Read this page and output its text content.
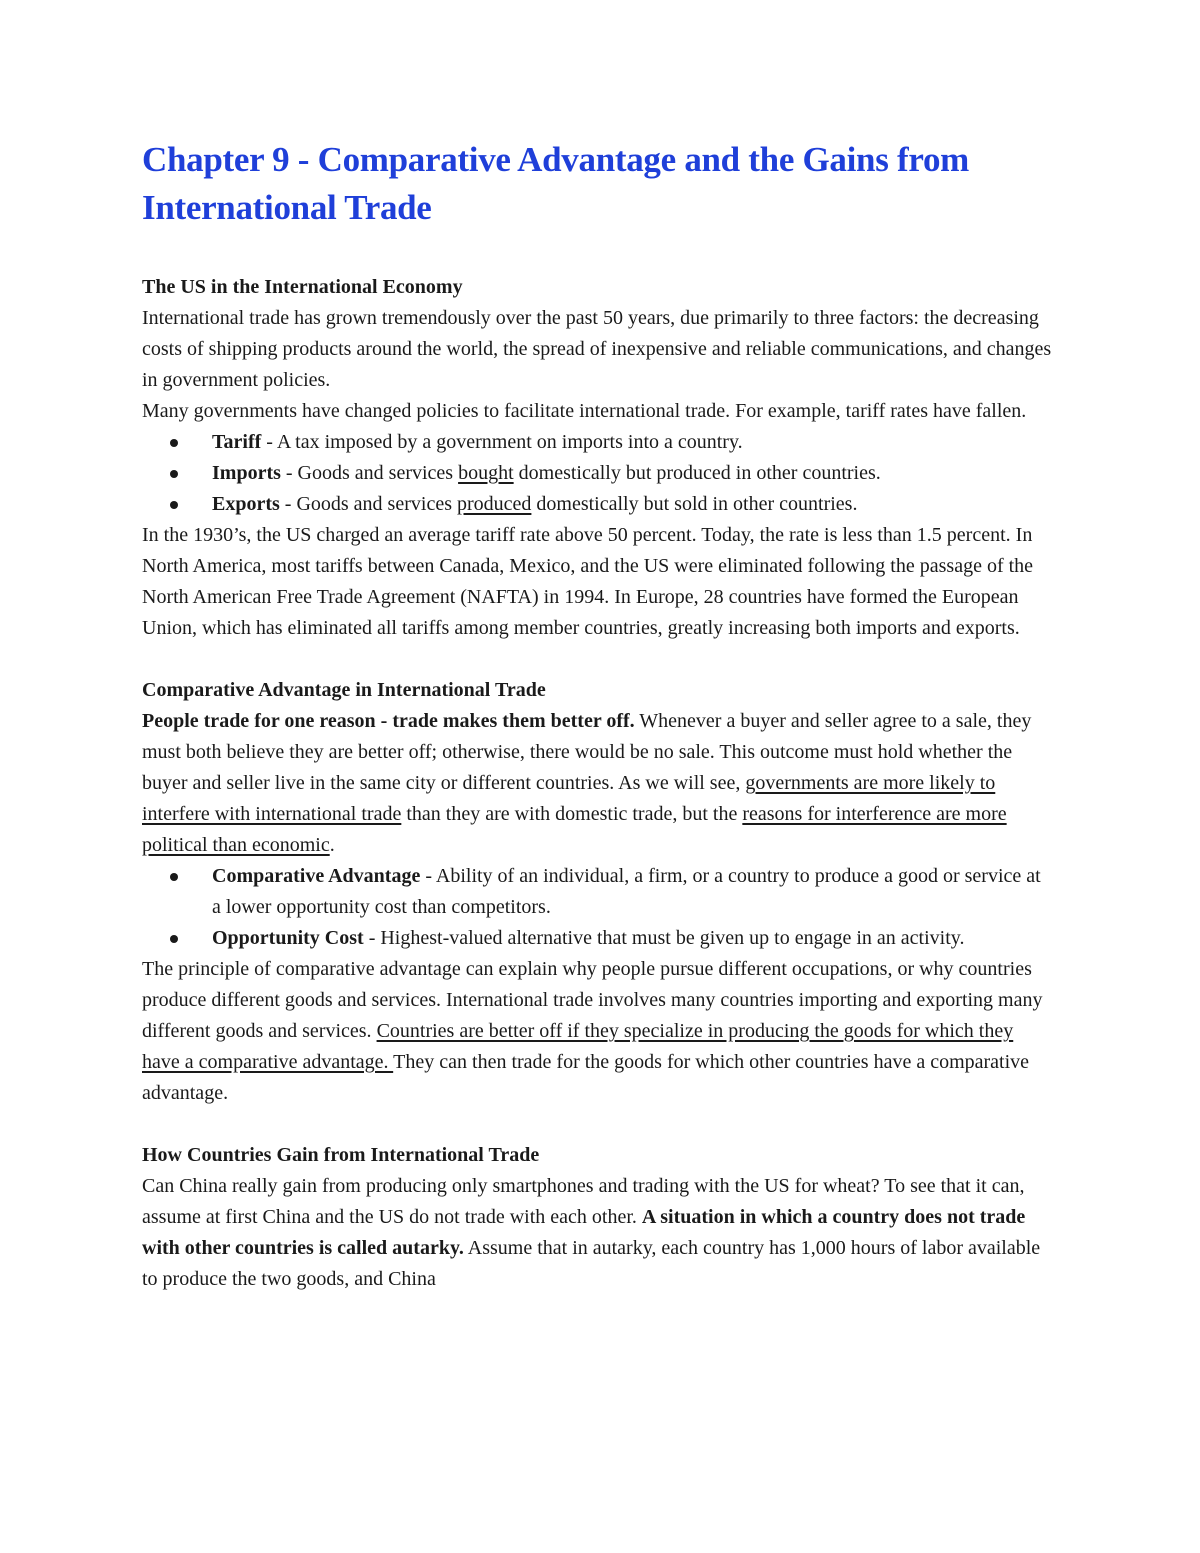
Chapter 9 - Comparative Advantage and the Gains from International Trade
The US in the International Economy

International trade has grown tremendously over the past 50 years, due primarily to three factors: the decreasing costs of shipping products around the world, the spread of inexpensive and reliable communications, and changes in government policies.

Many governments have changed policies to facilitate international trade. For example, tariff rates have fallen.

Tariff - A tax imposed by a government on imports into a country.
Imports - Goods and services bought domestically but produced in other countries.
Exports - Goods and services produced domestically but sold in other countries.

In the 1930’s, the US charged an average tariff rate above 50 percent. Today, the rate is less than 1.5 percent. In North America, most tariffs between Canada, Mexico, and the US were eliminated following the passage of the North American Free Trade Agreement (NAFTA) in 1994. In Europe, 28 countries have formed the European Union, which has eliminated all tariffs among member countries, greatly increasing both imports and exports.

Comparative Advantage in International Trade

People trade for one reason - trade makes them better off. Whenever a buyer and seller agree to a sale, they must both believe they are better off; otherwise, there would be no sale. This outcome must hold whether the buyer and seller live in the same city or different countries. As we will see, governments are more likely to interfere with international trade than they are with domestic trade, but the reasons for interference are more political than economic.

Comparative Advantage - Ability of an individual, a firm, or a country to produce a good or service at a lower opportunity cost than competitors.
Opportunity Cost - Highest-valued alternative that must be given up to engage in an activity.

The principle of comparative advantage can explain why people pursue different occupations, or why countries produce different goods and services. International trade involves many countries importing and exporting many different goods and services. Countries are better off if they specialize in producing the goods for which they have a comparative advantage. They can then trade for the goods for which other countries have a comparative advantage.

How Countries Gain from International Trade

Can China really gain from producing only smartphones and trading with the US for wheat? To see that it can, assume at first China and the US do not trade with each other. A situation in which a country does not trade with other countries is called autarky. Assume that in autarky, each country has 1,000 hours of labor available to produce the two goods, and China
